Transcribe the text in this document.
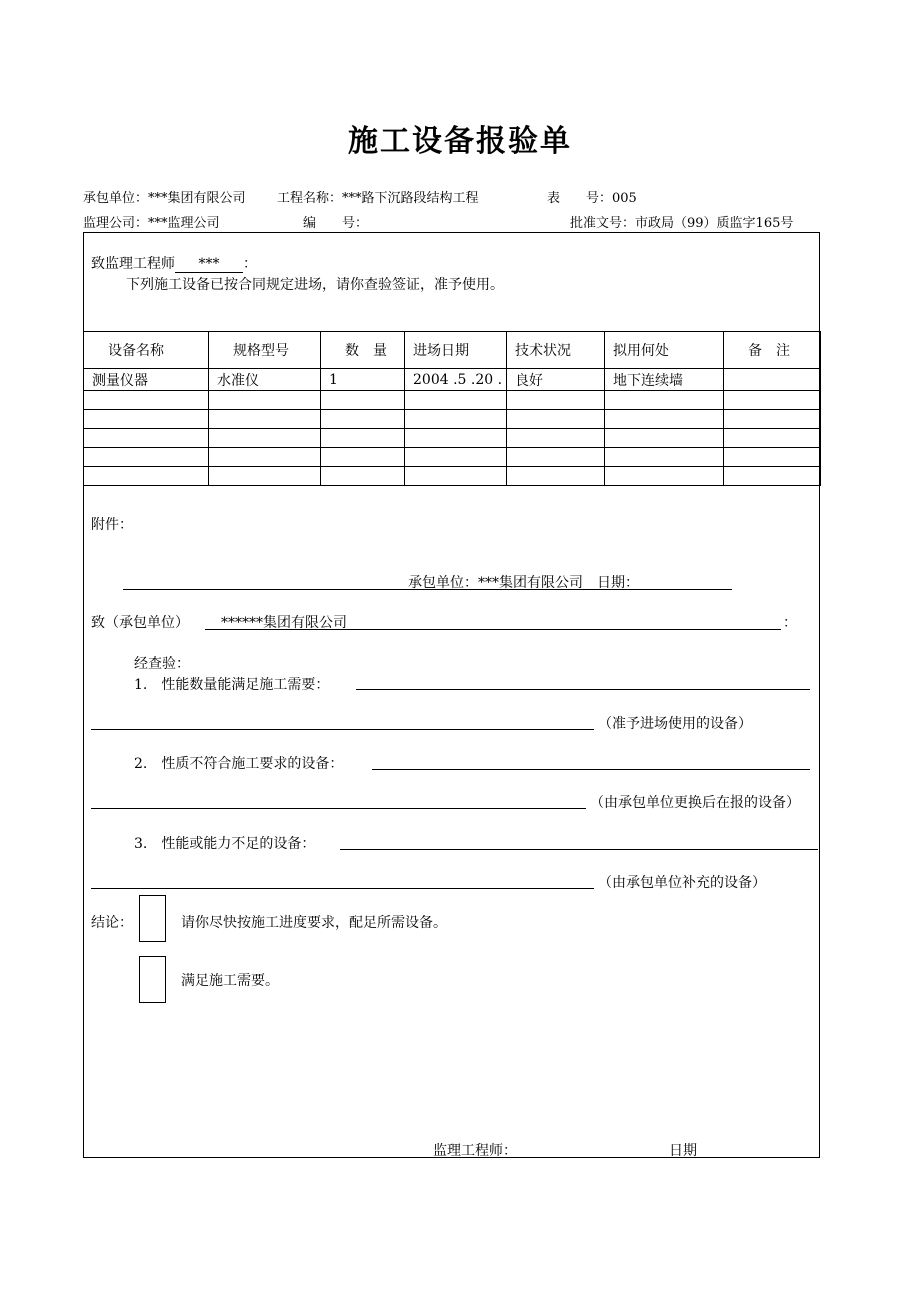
施工设备报验单
承包单位：***集团有限公司 工程名称：***路下沉路段结构工程	表　　号：005
监理公司：***监理公司	编　　号：	批准文号：市政局（99）质监字165号
致监理工程师 *** ：
下列施工设备已按合同规定进场，请你查验签证，准予使用。
设备名称	规格型号	数　量	进场日期	技术状况	拟用何处	备　注
测量仪器	水准仪	1	2004 .5 .20 .	良好	地下连续墙	

附件：
承包单位：***集团有限公司　日期：
致（承包单位） ******集团有限公司	：
经查验：
1.　性能数量能满足施工需要：
（准予进场使用的设备）
2.　性质不符合施工要求的设备：
（由承包单位更换后在报的设备）
3.　性能或能力不足的设备：
（由承包单位补充的设备）
结论：	请你尽快按施工进度要求，配足所需设备。
满足施工需要。
监理工程师：	日期
